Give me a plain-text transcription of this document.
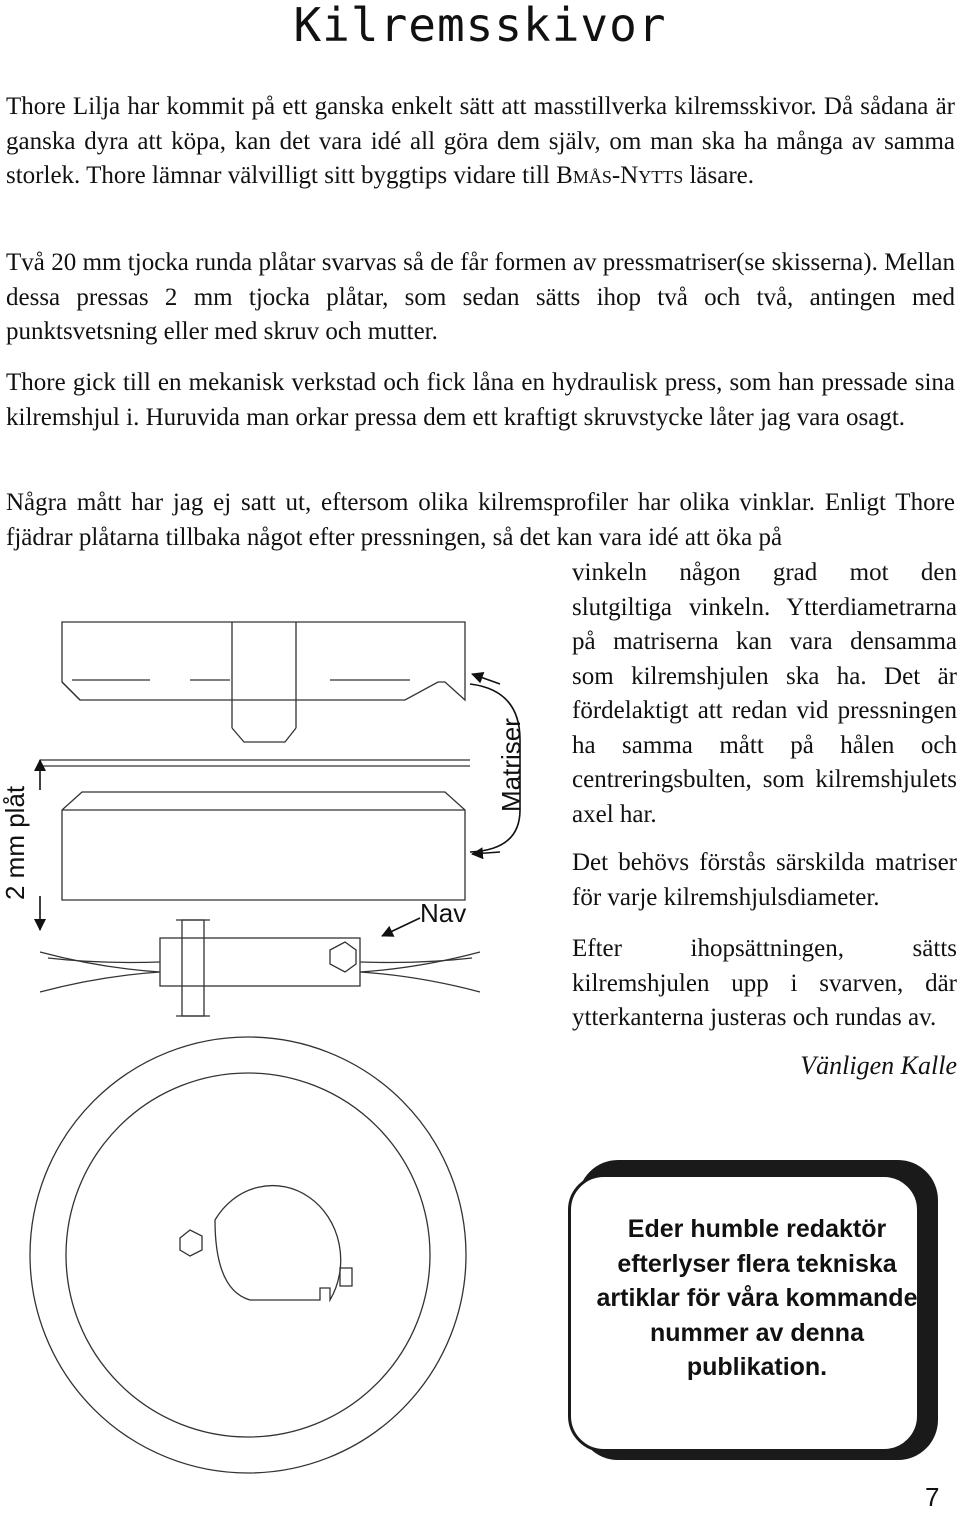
Kilremsskivor

Thore Lilja har kommit på ett ganska enkelt sätt att masstillverka kilremsskivor. Då sådana är ganska dyra att köpa, kan det vara idé all göra dem själv, om man ska ha många av samma storlek. Thore lämnar välvilligt sitt byggtips vidare till Bmås-Nytts läsare.

Två 20 mm tjocka runda plåtar svarvas så de får formen av pressmatriser(se skisserna). Mellan dessa pressas 2 mm tjocka plåtar, som sedan sätts ihop två och två, antingen med punktsvetsning eller med skruv och mutter.

Thore gick till en mekanisk verkstad och fick låna en hydraulisk press, som han pressade sina kilremshjul i. Huruvida man orkar pressa dem ett kraftigt skruvstycke låter jag vara osagt.

Några mått har jag ej satt ut, eftersom olika kilremsprofiler har olika vinklar. Enligt Thore fjädrar plåtarna tillbaka något efter pressningen, så det kan vara idé att öka på

vinkeln någon grad mot den slutgiltiga vinkeln. Ytterdiametrarna på matriserna kan vara densamma som kilremshjulen ska ha. Det är fördelaktigt att redan vid pressningen ha samma mått på hålen och centreringsbulten, som kilremshjulets axel har.

Det behövs förstås särskilda matriser för varje kilremshjulsdiameter.

Efter ihopsättningen, sätts kilremshjulen upp i svarven, där ytterkanterna justeras och rundas av.

Vänligen Kalle

2 mm plåt
Matriser
Nav

Eder humble redaktör efterlyser flera tekniska artiklar för våra kommande nummer av denna publikation.

7
